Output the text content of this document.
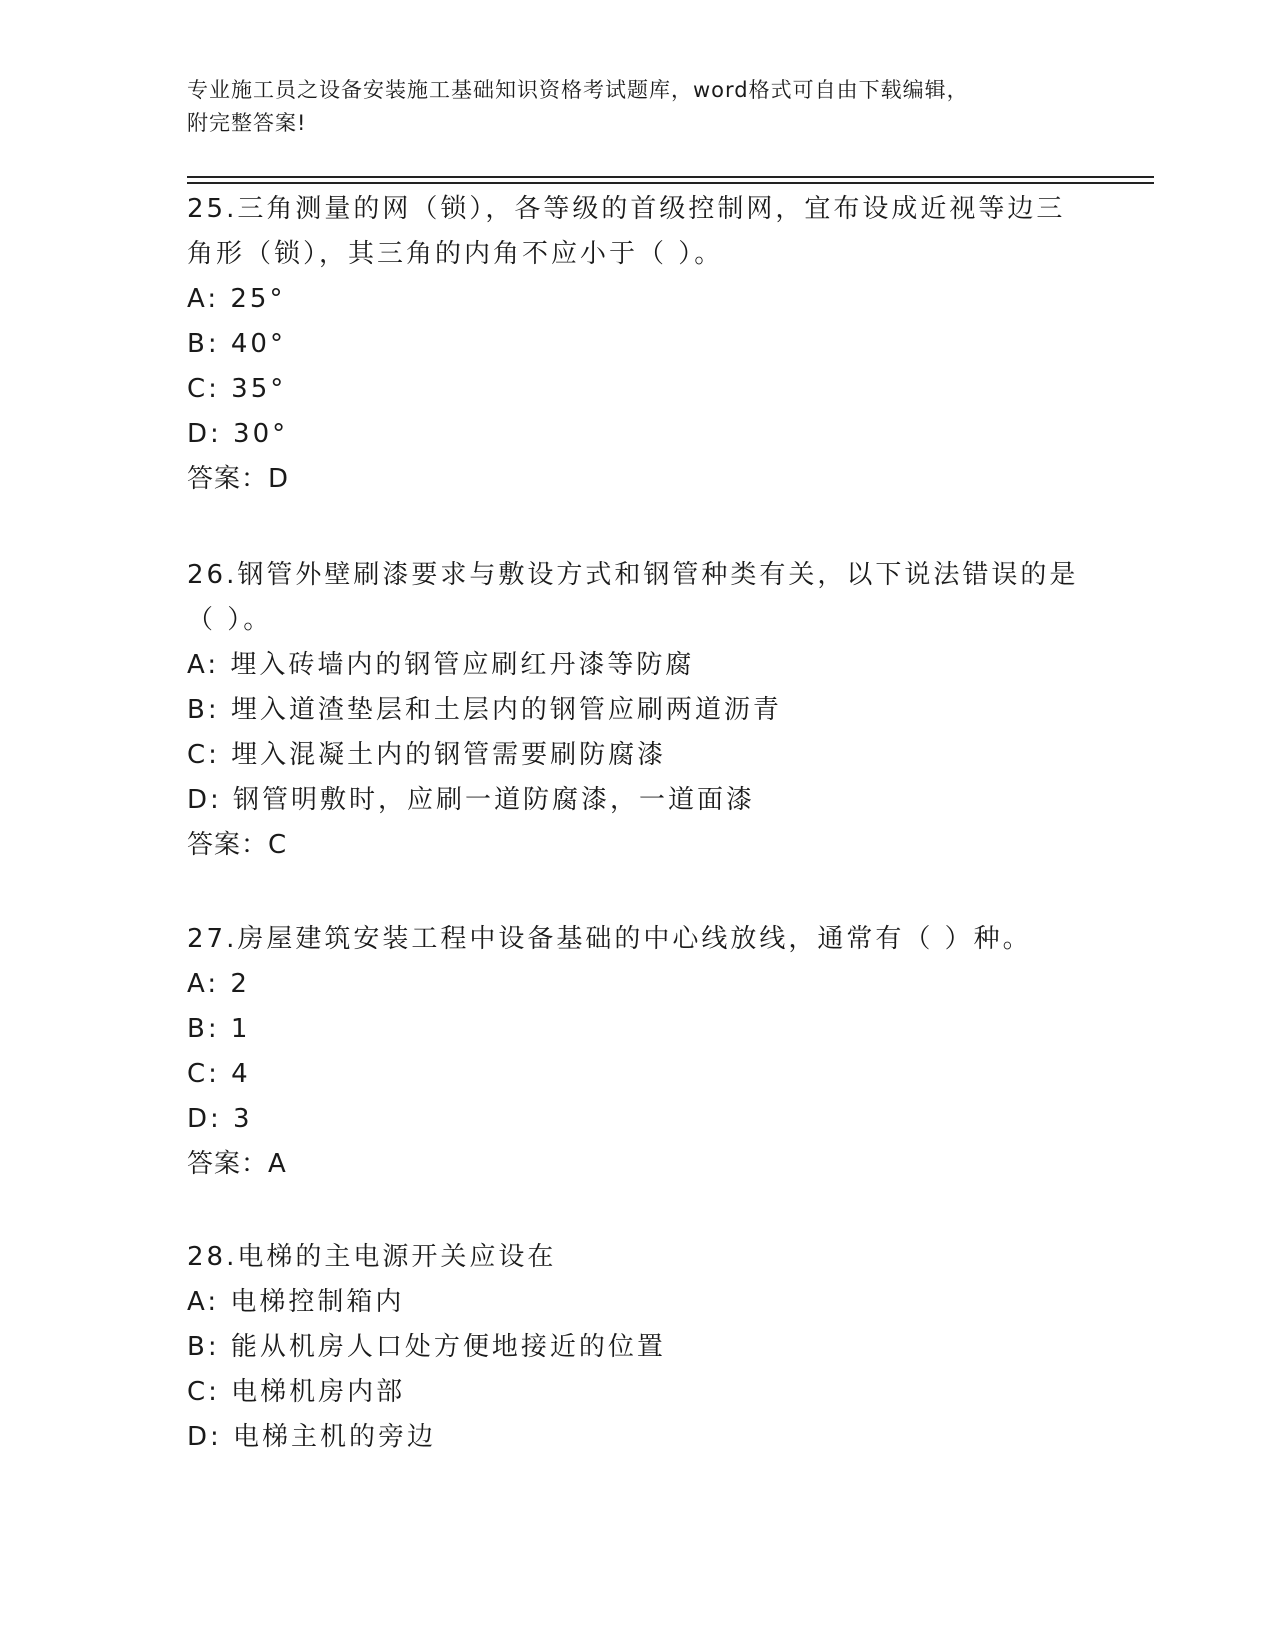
专业施工员之设备安装施工基础知识资格考试题库，word格式可自由下载编辑，
附完整答案!

25.三角测量的网（锁），各等级的首级控制网，宜布设成近视等边三

角形（锁），其三角的内角不应小于（ ）。

A: 25°

B: 40°

C: 35°

D: 30°

答案：D

26.钢管外壁刷漆要求与敷设方式和钢管种类有关，以下说法错误的是

（ ）。

A: 埋入砖墙内的钢管应刷红丹漆等防腐

B: 埋入道渣垫层和土层内的钢管应刷两道沥青

C: 埋入混凝土内的钢管需要刷防腐漆

D: 钢管明敷时，应刷一道防腐漆，一道面漆

答案：C

27.房屋建筑安装工程中设备基础的中心线放线，通常有（ ）种。

A: 2

B: 1

C: 4

D: 3

答案：A

28.电梯的主电源开关应设在

A: 电梯控制箱内

B: 能从机房人口处方便地接近的位置

C: 电梯机房内部

D: 电梯主机的旁边
